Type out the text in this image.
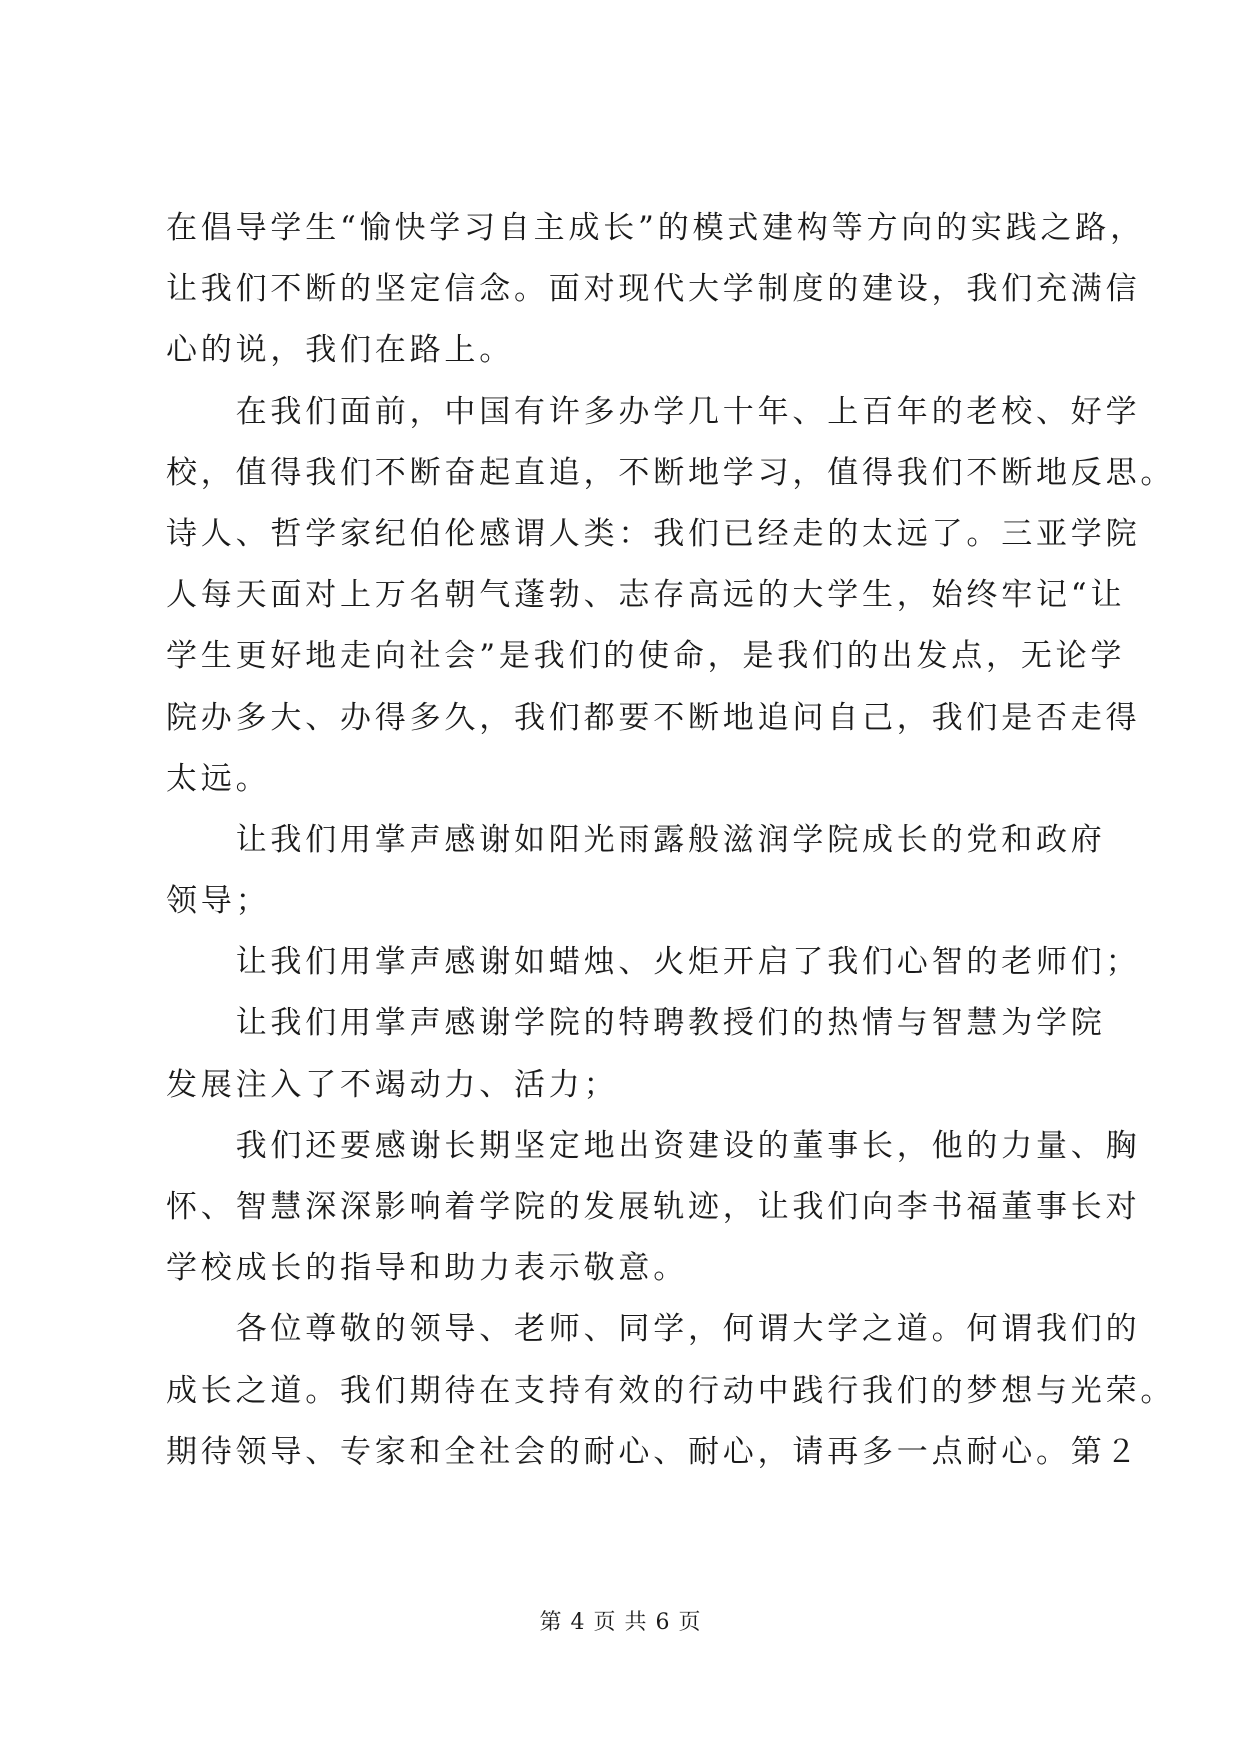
在倡导学生“愉快学习自主成长”的模式建构等方向的实践之路，
让我们不断的坚定信念。面对现代大学制度的建设，我们充满信
心的说，我们在路上。
　　在我们面前，中国有许多办学几十年、上百年的老校、好学
校，值得我们不断奋起直追，不断地学习，值得我们不断地反思。
诗人、哲学家纪伯伦感谓人类：我们已经走的太远了。三亚学院
人每天面对上万名朝气蓬勃、志存高远的大学生，始终牢记“让
学生更好地走向社会”是我们的使命，是我们的出发点，无论学
院办多大、办得多久，我们都要不断地追问自己，我们是否走得
太远。
　　让我们用掌声感谢如阳光雨露般滋润学院成长的党和政府
领导；
　　让我们用掌声感谢如蜡烛、火炬开启了我们心智的老师们；
　　让我们用掌声感谢学院的特聘教授们的热情与智慧为学院
发展注入了不竭动力、活力；
　　我们还要感谢长期坚定地出资建设的董事长，他的力量、胸
怀、智慧深深影响着学院的发展轨迹，让我们向李书福董事长对
学校成长的指导和助力表示敬意。
　　各位尊敬的领导、老师、同学，何谓大学之道。何谓我们的
成长之道。我们期待在支持有效的行动中践行我们的梦想与光荣。
期待领导、专家和全社会的耐心、耐心，请再多一点耐心。第２
第 4 页 共 6 页
